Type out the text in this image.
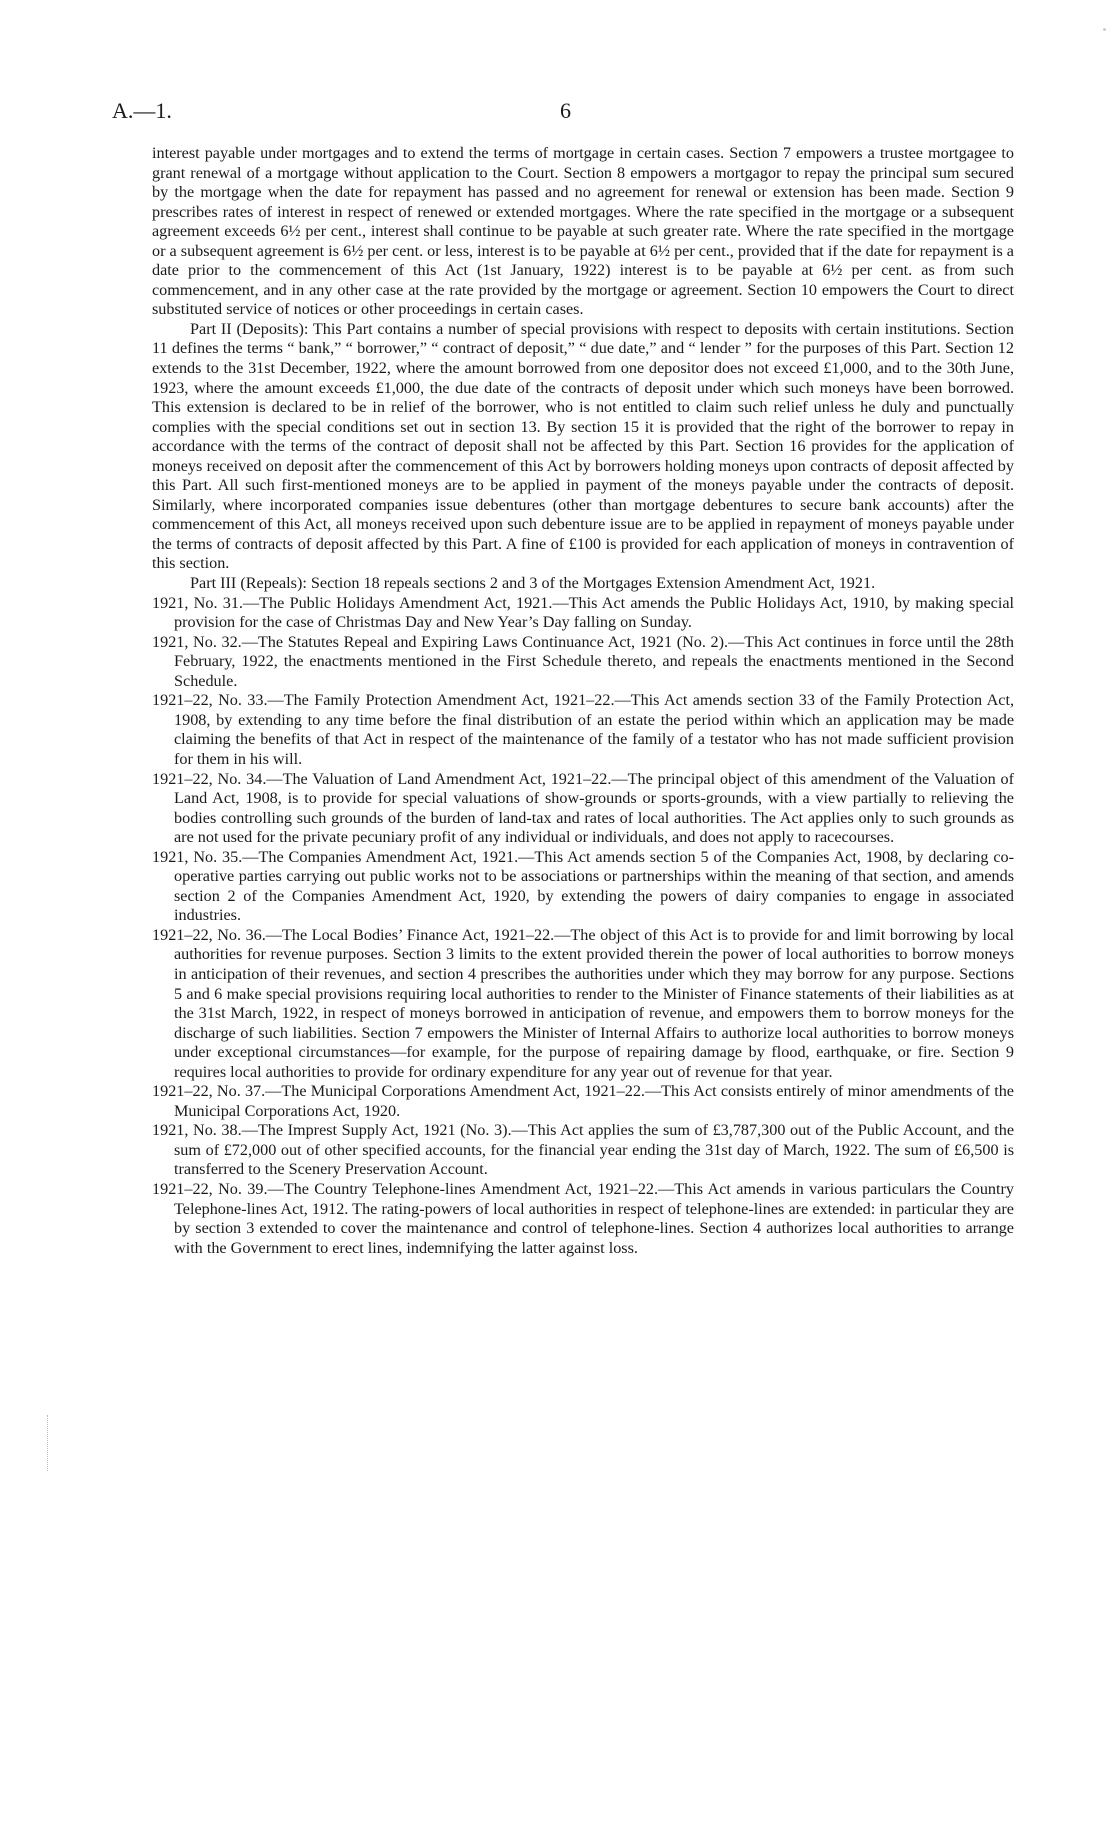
A.—1.	6

interest payable under mortgages and to extend the terms of mortgage in certain cases. Section 7 empowers a trustee mortgagee to grant renewal of a mortgage without application to the Court. Section 8 empowers a mortgagor to repay the principal sum secured by the mortgage when the date for repayment has passed and no agreement for renewal or extension has been made. Section 9 prescribes rates of interest in respect of renewed or extended mortgages. Where the rate specified in the mortgage or a subsequent agreement exceeds 6½ per cent., interest shall continue to be payable at such greater rate. Where the rate specified in the mortgage or a subsequent agreement is 6½ per cent. or less, interest is to be payable at 6½ per cent., provided that if the date for repayment is a date prior to the commencement of this Act (1st January, 1922) interest is to be payable at 6½ per cent. as from such commencement, and in any other case at the rate provided by the mortgage or agreement. Section 10 empowers the Court to direct substituted service of notices or other proceedings in certain cases.

Part II (Deposits): This Part contains a number of special provisions with respect to deposits with certain institutions. Section 11 defines the terms “ bank,” “ borrower,” “ contract of deposit,” “ due date,” and “ lender ” for the purposes of this Part. Section 12 extends to the 31st December, 1922, where the amount borrowed from one depositor does not exceed £1,000, and to the 30th June, 1923, where the amount exceeds £1,000, the due date of the contracts of deposit under which such moneys have been borrowed. This extension is declared to be in relief of the borrower, who is not entitled to claim such relief unless he duly and punctually complies with the special conditions set out in section 13. By section 15 it is provided that the right of the borrower to repay in accordance with the terms of the contract of deposit shall not be affected by this Part. Section 16 provides for the application of moneys received on deposit after the commencement of this Act by borrowers holding moneys upon contracts of deposit affected by this Part. All such first-mentioned moneys are to be applied in payment of the moneys payable under the contracts of deposit. Similarly, where incorporated companies issue debentures (other than mortgage debentures to secure bank accounts) after the commencement of this Act, all moneys received upon such debenture issue are to be applied in repayment of moneys payable under the terms of contracts of deposit affected by this Part. A fine of £100 is provided for each application of moneys in contravention of this section.

Part III (Repeals): Section 18 repeals sections 2 and 3 of the Mortgages Extension Amendment Act, 1921.

1921, No. 31.—The Public Holidays Amendment Act, 1921.—This Act amends the Public Holidays Act, 1910, by making special provision for the case of Christmas Day and New Year’s Day falling on Sunday.

1921, No. 32.—The Statutes Repeal and Expiring Laws Continuance Act, 1921 (No. 2).—This Act continues in force until the 28th February, 1922, the enactments mentioned in the First Schedule thereto, and repeals the enactments mentioned in the Second Schedule.

1921–22, No. 33.—The Family Protection Amendment Act, 1921–22.—This Act amends section 33 of the Family Protection Act, 1908, by extending to any time before the final distribution of an estate the period within which an application may be made claiming the benefits of that Act in respect of the maintenance of the family of a testator who has not made sufficient provision for them in his will.

1921–22, No. 34.—The Valuation of Land Amendment Act, 1921–22.—The principal object of this amendment of the Valuation of Land Act, 1908, is to provide for special valuations of show-grounds or sports-grounds, with a view partially to relieving the bodies controlling such grounds of the burden of land-tax and rates of local authorities. The Act applies only to such grounds as are not used for the private pecuniary profit of any individual or individuals, and does not apply to racecourses.

1921, No. 35.—The Companies Amendment Act, 1921.—This Act amends section 5 of the Companies Act, 1908, by declaring co-operative parties carrying out public works not to be associations or partnerships within the meaning of that section, and amends section 2 of the Companies Amendment Act, 1920, by extending the powers of dairy companies to engage in associated industries.

1921–22, No. 36.—The Local Bodies’ Finance Act, 1921–22.—The object of this Act is to provide for and limit borrowing by local authorities for revenue purposes. Section 3 limits to the extent provided therein the power of local authorities to borrow moneys in anticipation of their revenues, and section 4 prescribes the authorities under which they may borrow for any purpose. Sections 5 and 6 make special provisions requiring local authorities to render to the Minister of Finance statements of their liabilities as at the 31st March, 1922, in respect of moneys borrowed in anticipation of revenue, and empowers them to borrow moneys for the discharge of such liabilities. Section 7 empowers the Minister of Internal Affairs to authorize local authorities to borrow moneys under exceptional circumstances—for example, for the purpose of repairing damage by flood, earthquake, or fire. Section 9 requires local authorities to provide for ordinary expenditure for any year out of revenue for that year.

1921–22, No. 37.—The Municipal Corporations Amendment Act, 1921–22.—This Act consists entirely of minor amendments of the Municipal Corporations Act, 1920.

1921, No. 38.—The Imprest Supply Act, 1921 (No. 3).—This Act applies the sum of £3,787,300 out of the Public Account, and the sum of £72,000 out of other specified accounts, for the financial year ending the 31st day of March, 1922. The sum of £6,500 is transferred to the Scenery Preservation Account.

1921–22, No. 39.—The Country Telephone-lines Amendment Act, 1921–22.—This Act amends in various particulars the Country Telephone-lines Act, 1912. The rating-powers of local authorities in respect of telephone-lines are extended: in particular they are by section 3 extended to cover the maintenance and control of telephone-lines. Section 4 authorizes local authorities to arrange with the Government to erect lines, indemnifying the latter against loss.
